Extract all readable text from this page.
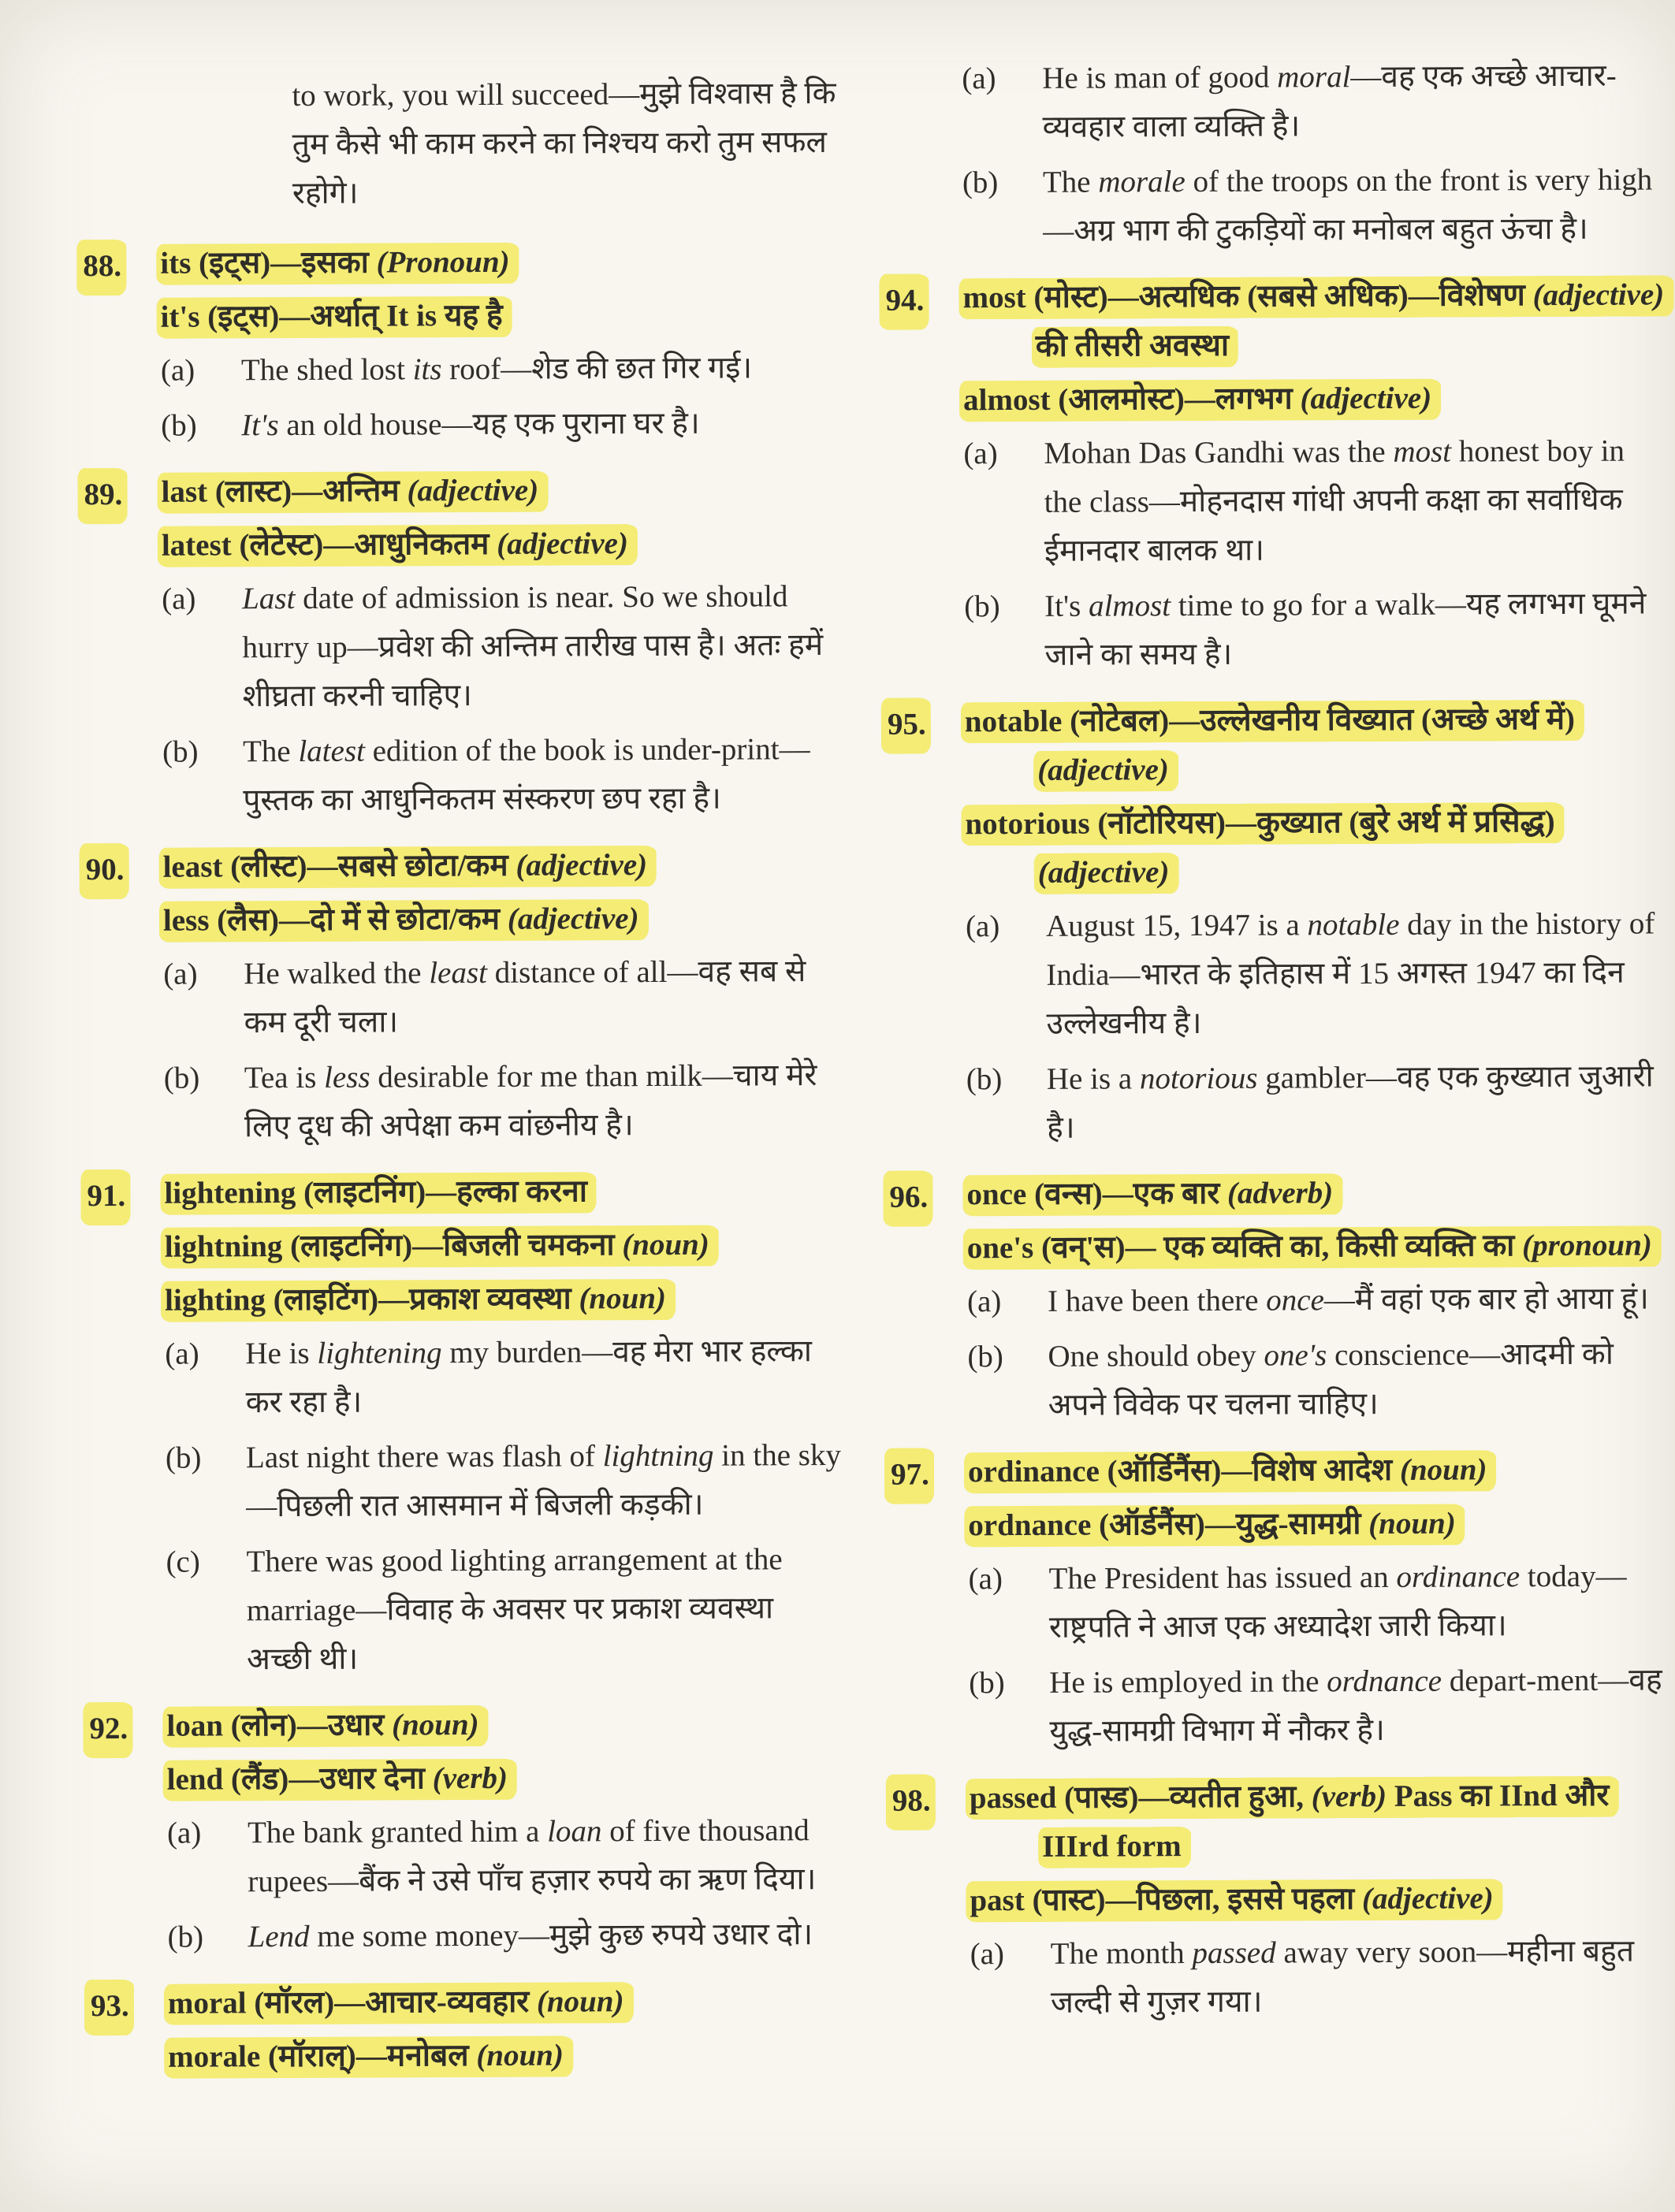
to work, you will succeed—मुझे विश्वास है कि तुम कैसे भी काम करने का निश्चय करो तुम सफल रहोगे।
88. its (इट्स)—इसका (Pronoun)
it's (इट्स)—अर्थात् It is यह है
(a) The shed lost its roof—शेड की छत गिर गई।
(b) It's an old house—यह एक पुराना घर है।
89. last (लास्ट)—अन्तिम (adjective)
latest (लेटेस्ट)—आधुनिकतम (adjective)
(a) Last date of admission is near. So we should hurry up—प्रवेश की अन्तिम तारीख पास है। अतः हमें शीघ्रता करनी चाहिए।
(b) The latest edition of the book is under-print—पुस्तक का आधुनिकतम संस्करण छप रहा है।
90. least (लीस्ट)—सबसे छोटा/कम (adjective)
less (लैस)—दो में से छोटा/कम (adjective)
(a) He walked the least distance of all—वह सब से कम दूरी चला।
(b) Tea is less desirable for me than milk—चाय मेरे लिए दूध की अपेक्षा कम वांछनीय है।
91. lightening (लाइटनिंग)—हल्का करना
lightning (लाइटनिंग)—बिजली चमकना (noun)
lighting (लाइटिंग)—प्रकाश व्यवस्था (noun)
(a) He is lightening my burden—वह मेरा भार हल्का कर रहा है।
(b) Last night there was flash of lightning in the sky—पिछली रात आसमान में बिजली कड़की।
(c) There was good lighting arrangement at the marriage—विवाह के अवसर पर प्रकाश व्यवस्था अच्छी थी।
92. loan (लोन)—उधार (noun)
lend (लैंड)—उधार देना (verb)
(a) The bank granted him a loan of five thousand rupees—बैंक ने उसे पाँच हज़ार रुपये का ऋण दिया।
(b) Lend me some money—मुझे कुछ रुपये उधार दो।
93. moral (मॉरल)—आचार-व्यवहार (noun)
morale (मॉराल्)—मनोबल (noun)
(a) He is man of good moral—वह एक अच्छे आचार-व्यवहार वाला व्यक्ति है।
(b) The morale of the troops on the front is very high—अग्र भाग की टुकड़ियों का मनोबल बहुत ऊंचा है।
94. most (मोस्ट)—अत्यधिक (सबसे अधिक)—विशेषण (adjective) की तीसरी अवस्था
almost (आलमोस्ट)—लगभग (adjective)
(a) Mohan Das Gandhi was the most honest boy in the class—मोहनदास गांधी अपनी कक्षा का सर्वाधिक ईमानदार बालक था।
(b) It's almost time to go for a walk—यह लगभग घूमने जाने का समय है।
95. notable (नोटेबल)—उल्लेखनीय विख्यात (अच्छे अर्थ में) (adjective)
notorious (नॉटोरियस)—कुख्यात (बुरे अर्थ में प्रसिद्ध) (adjective)
(a) August 15, 1947 is a notable day in the history of India—भारत के इतिहास में 15 अगस्त 1947 का दिन उल्लेखनीय है।
(b) He is a notorious gambler—वह एक कुख्यात जुआरी है।
96. once (वन्स)—एक बार (adverb)
one's (वन्'स)— एक व्यक्ति का, किसी व्यक्ति का (pronoun)
(a) I have been there once—मैं वहां एक बार हो आया हूं।
(b) One should obey one's conscience—आदमी को अपने विवेक पर चलना चाहिए।
97. ordinance (ऑर्डिनैंस)—विशेष आदेश (noun)
ordnance (ऑर्डनैंस)—युद्ध-सामग्री (noun)
(a) The President has issued an ordinance today—राष्ट्रपति ने आज एक अध्यादेश जारी किया।
(b) He is employed in the ordnance depart-ment—वह युद्ध-सामग्री विभाग में नौकर है।
98. passed (पास्ड)—व्यतीत हुआ, (verb) Pass का IInd और IIIrd form
past (पास्ट)—पिछला, इससे पहला (adjective)
(a) The month passed away very soon—महीना बहुत जल्दी से गुज़र गया।
